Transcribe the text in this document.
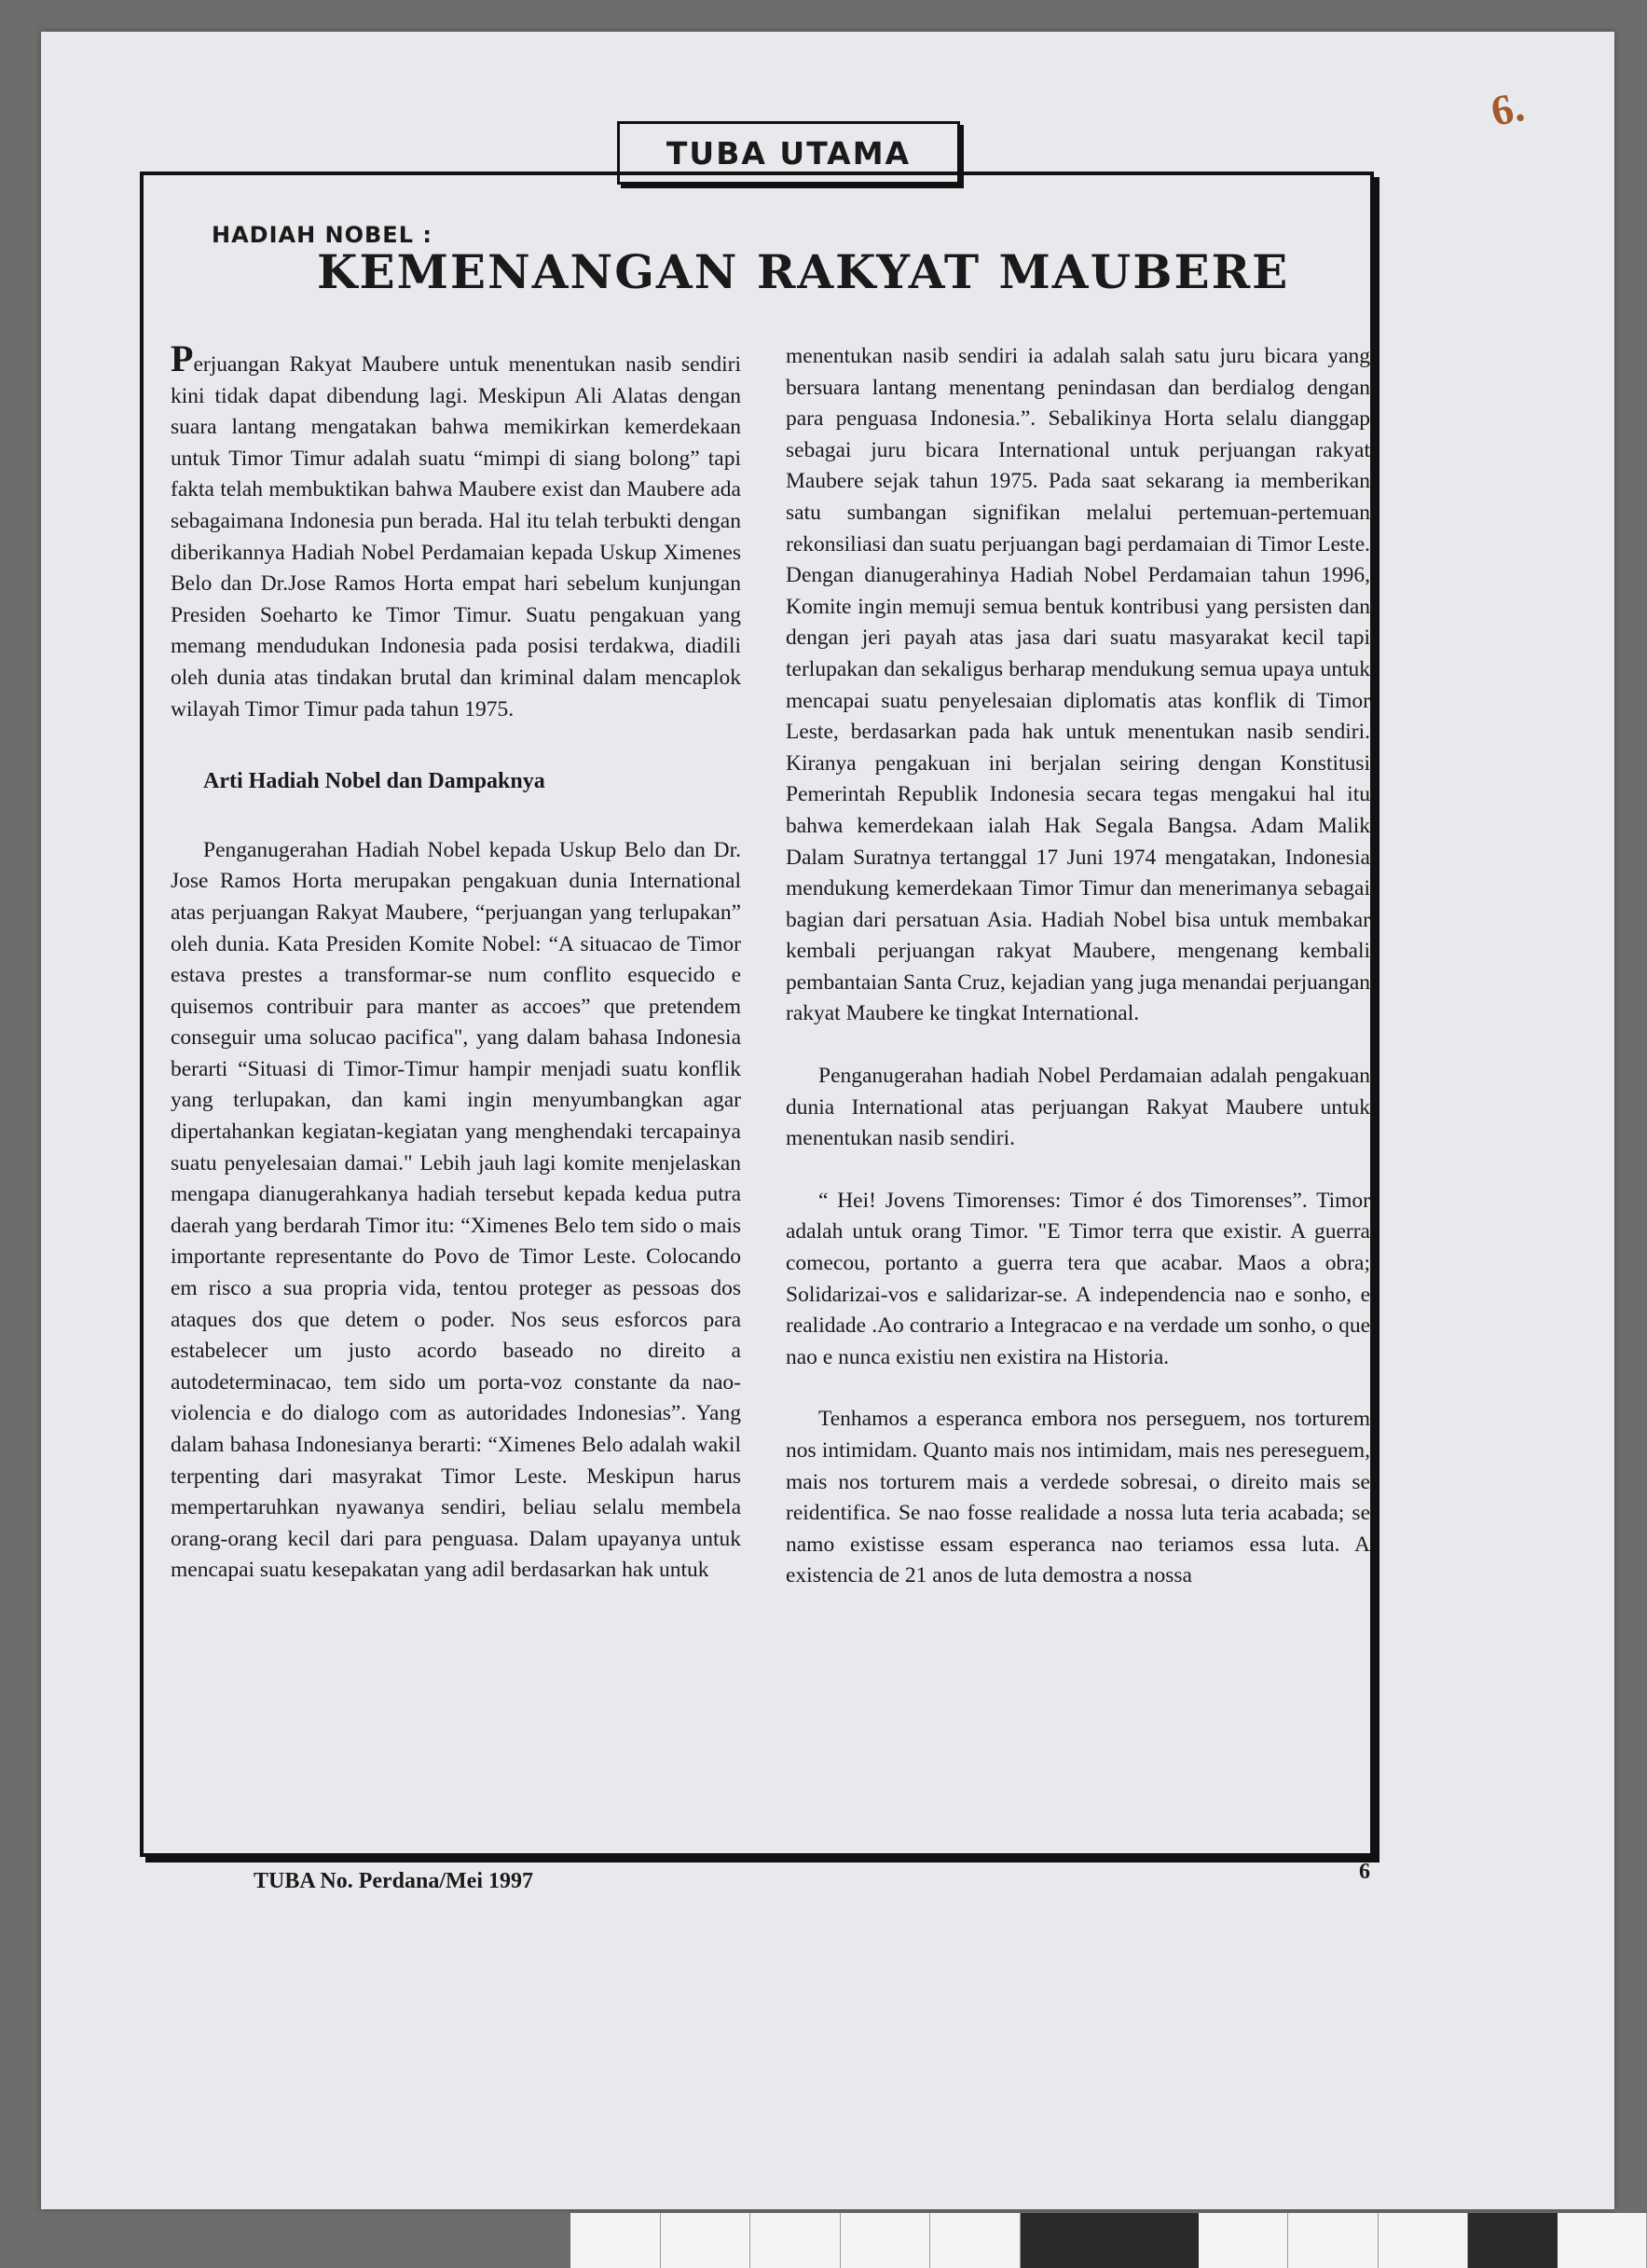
6.
TUBA UTAMA
HADIAH NOBEL :
KEMENANGAN RAKYAT MAUBERE

Perjuangan Rakyat Maubere untuk menentukan nasib sendiri kini tidak dapat dibendung lagi. Meskipun Ali Alatas dengan suara lantang mengatakan bahwa memikirkan kemerdekaan untuk Timor Timur adalah suatu “mimpi di siang bolong” tapi fakta telah membuktikan bahwa Maubere exist dan Maubere ada sebagaimana Indonesia pun berada. Hal itu telah terbukti dengan diberikannya Hadiah Nobel Perdamaian kepada Uskup Ximenes Belo dan Dr.Jose Ramos Horta empat hari sebelum kunjungan Presiden Soeharto ke Timor Timur. Suatu pengakuan yang memang mendudukan Indonesia pada posisi terdakwa, diadili oleh dunia atas tindakan brutal dan kriminal dalam mencaplok wilayah Timor Timur pada tahun 1975.

Arti Hadiah Nobel dan Dampaknya

Penganugerahan Hadiah Nobel kepada Uskup Belo dan Dr. Jose Ramos Horta merupakan pengakuan dunia International atas perjuangan Rakyat Maubere, “perjuangan yang terlupakan” oleh dunia. Kata Presiden Komite Nobel: “A situacao de Timor estava prestes a transformar-se num conflito esquecido e quisemos contribuir para manter as accoes” que pretendem conseguir uma solucao pacifica", yang dalam bahasa Indonesia berarti “Situasi di Timor-Timur hampir menjadi suatu konflik yang terlupakan, dan kami ingin menyumbangkan agar dipertahankan kegiatan-kegiatan yang menghendaki tercapainya suatu penyelesaian damai." Lebih jauh lagi komite menjelaskan mengapa dianugerahkanya hadiah tersebut kepada kedua putra daerah yang berdarah Timor itu: “Ximenes Belo tem sido o mais importante representante do Povo de Timor Leste. Colocando em risco a sua propria vida, tentou proteger as pessoas dos ataques dos que detem o poder. Nos seus esforcos para estabelecer um justo acordo baseado no direito a autodeterminacao, tem sido um porta-voz constante da nao-violencia e do dialogo com as autoridades Indonesias”. Yang dalam bahasa Indonesianya berarti: “Ximenes Belo adalah wakil terpenting dari masyrakat Timor Leste. Meskipun harus mempertaruhkan nyawanya sendiri, beliau selalu membela orang-orang kecil dari para penguasa. Dalam upayanya untuk mencapai suatu kesepakatan yang adil berdasarkan hak untuk

menentukan nasib sendiri ia adalah salah satu juru bicara yang bersuara lantang menentang penindasan dan berdialog dengan para penguasa Indonesia.”. Sebalikinya Horta selalu dianggap sebagai juru bicara International untuk perjuangan rakyat Maubere sejak tahun 1975. Pada saat sekarang ia memberikan satu sumbangan signifikan melalui pertemuan-pertemuan rekonsiliasi dan suatu perjuangan bagi perdamaian di Timor Leste. Dengan dianugerahinya Hadiah Nobel Perdamaian tahun 1996, Komite ingin memuji semua bentuk kontribusi yang persisten dan dengan jeri payah atas jasa dari suatu masyarakat kecil tapi terlupakan dan sekaligus berharap mendukung semua upaya untuk mencapai suatu penyelesaian diplomatis atas konflik di Timor Leste, berdasarkan pada hak untuk menentukan nasib sendiri. Kiranya pengakuan ini berjalan seiring dengan Konstitusi Pemerintah Republik Indonesia secara tegas mengakui hal itu bahwa kemerdekaan ialah Hak Segala Bangsa. Adam Malik Dalam Suratnya tertanggal 17 Juni 1974 mengatakan, Indonesia mendukung kemerdekaan Timor Timur dan menerimanya sebagai bagian dari persatuan Asia. Hadiah Nobel bisa untuk membakar kembali perjuangan rakyat Maubere, mengenang kembali pembantaian Santa Cruz, kejadian yang juga menandai perjuangan rakyat Maubere ke tingkat International.

Penganugerahan hadiah Nobel Perdamaian adalah pengakuan dunia International atas perjuangan Rakyat Maubere untuk menentukan nasib sendiri.

“ Hei! Jovens Timorenses: Timor é dos Timorenses”. Timor adalah untuk orang Timor. "E Timor terra que existir. A guerra comecou, portanto a guerra tera que acabar. Maos a obra; Solidarizai-vos e salidarizar-se. A independencia nao e sonho, e realidade .Ao contrario a Integracao e na verdade um sonho, o que nao e nunca existiu nen existira na Historia.

Tenhamos a esperanca embora nos perseguem, nos torturem nos intimidam. Quanto mais nos intimidam, mais nes pereseguem, mais nos torturem mais a verdede sobresai, o direito mais se reidentifica. Se nao fosse realidade a nossa luta teria acabada; se namo existisse essam esperanca nao teriamos essa luta. A existencia de 21 anos de luta demostra a nossa

TUBA No. Perdana/Mei 1997	6
